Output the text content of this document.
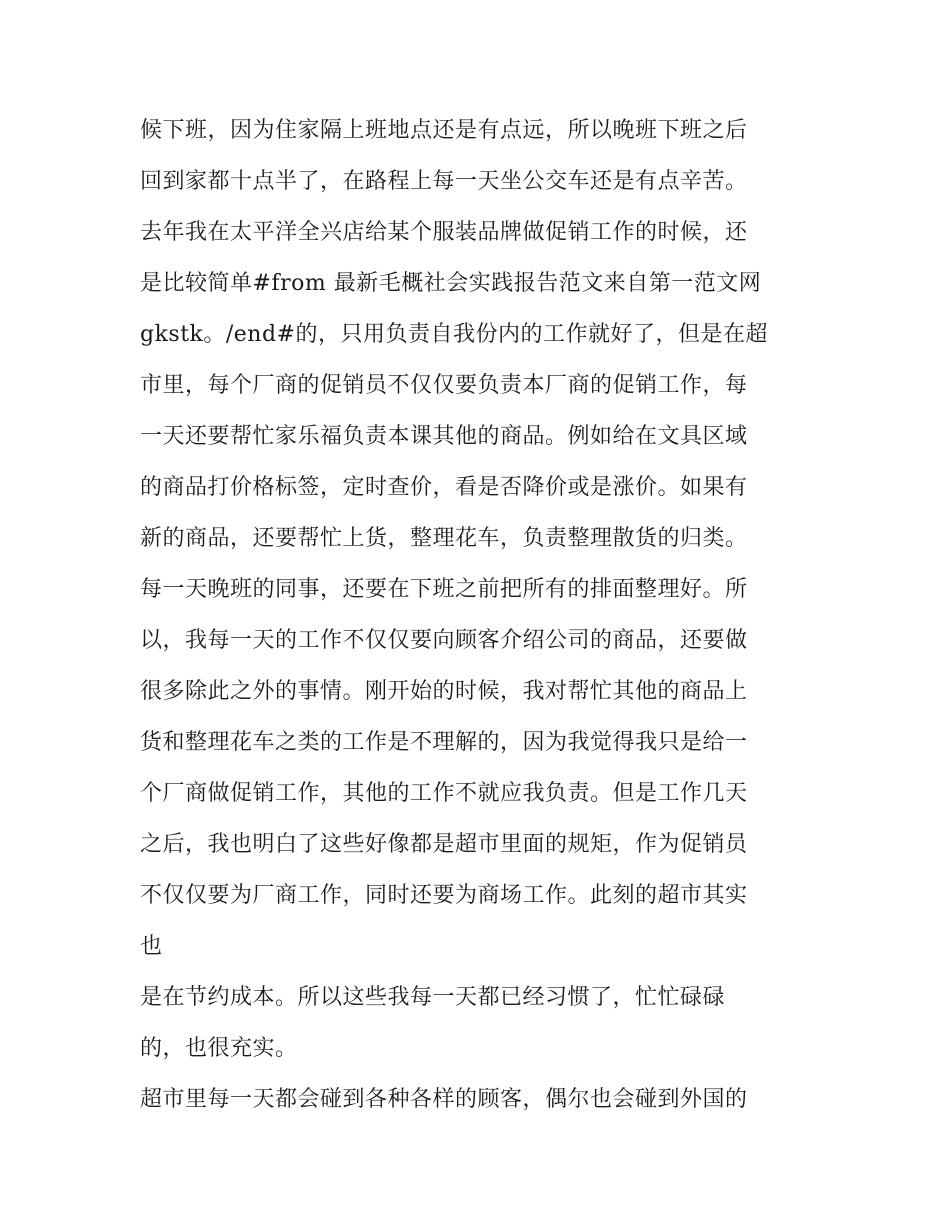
候下班，因为住家隔上班地点还是有点远，所以晚班下班之后
回到家都十点半了，在路程上每一天坐公交车还是有点辛苦。
去年我在太平洋全兴店给某个服装品牌做促销工作的时候，还
是比较简单#from 最新毛概社会实践报告范文来自第一范文网
gkstk。/end#的，只用负责自我份内的工作就好了，但是在超
市里，每个厂商的促销员不仅仅要负责本厂商的促销工作，每
一天还要帮忙家乐福负责本课其他的商品。例如给在文具区域
的商品打价格标签，定时查价，看是否降价或是涨价。如果有
新的商品，还要帮忙上货，整理花车，负责整理散货的归类。
每一天晚班的同事，还要在下班之前把所有的排面整理好。所
以，我每一天的工作不仅仅要向顾客介绍公司的商品，还要做
很多除此之外的事情。刚开始的时候，我对帮忙其他的商品上
货和整理花车之类的工作是不理解的，因为我觉得我只是给一
个厂商做促销工作，其他的工作不就应我负责。但是工作几天
之后，我也明白了这些好像都是超市里面的规矩，作为促销员
不仅仅要为厂商工作，同时还要为商场工作。此刻的超市其实
也
是在节约成本。所以这些我每一天都已经习惯了，忙忙碌碌
的，也很充实。
超市里每一天都会碰到各种各样的顾客，偶尔也会碰到外国的
